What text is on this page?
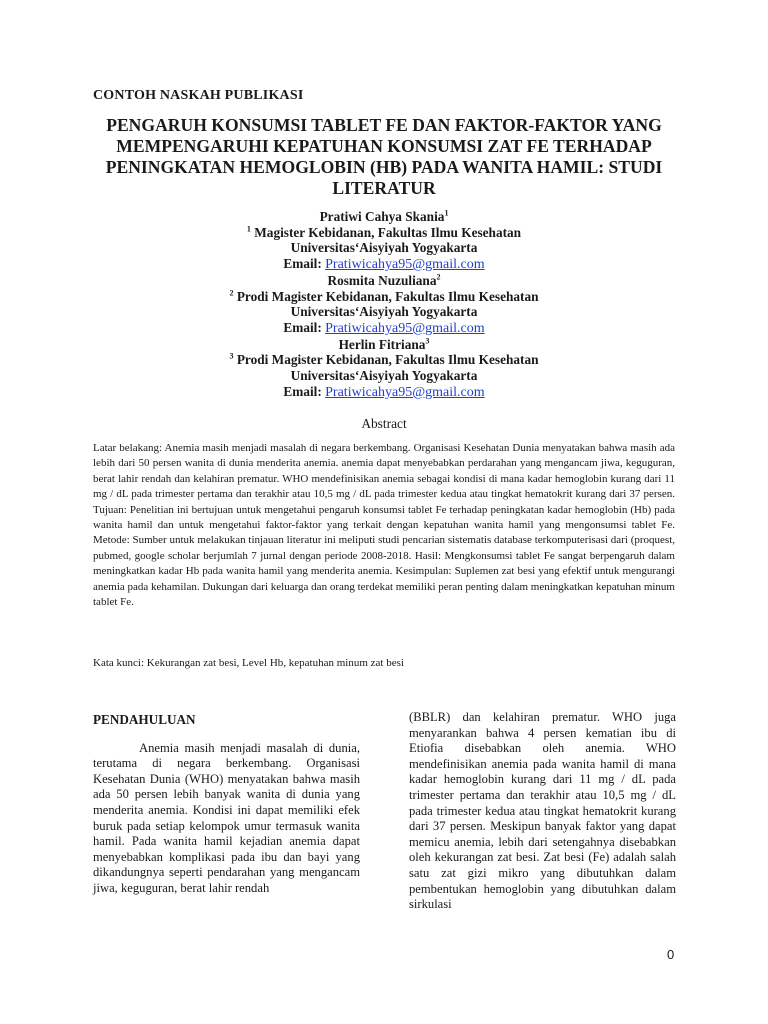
CONTOH NASKAH PUBLIKASI
PENGARUH KONSUMSI TABLET FE DAN FAKTOR-FAKTOR YANG MEMPENGARUHI KEPATUHAN KONSUMSI ZAT FE TERHADAP PENINGKATAN HEMOGLOBIN (HB) PADA WANITA HAMIL: STUDI LITERATUR
Pratiwi Cahya Skania$^1$
$^1$ Magister Kebidanan, Fakultas Ilmu Kesehatan
Universitas‘Aisyiyah Yogyakarta
Email: Pratiwicahya95@gmail.com
Rosmita Nuzuliana$^2$
$^2$ Prodi Magister Kebidanan, Fakultas Ilmu Kesehatan
Universitas‘Aisyiyah Yogyakarta
Email: Pratiwicahya95@gmail.com
Herlin Fitriana$^3$
$^3$ Prodi Magister Kebidanan, Fakultas Ilmu Kesehatan
Universitas‘Aisyiyah Yogyakarta
Email: Pratiwicahya95@gmail.com
Abstract

Latar belakang: Anemia masih menjadi masalah di negara berkembang. Organisasi Kesehatan Dunia menyatakan bahwa masih ada lebih dari 50 persen wanita di dunia menderita anemia. anemia dapat menyebabkan perdarahan yang mengancam jiwa, keguguran, berat lahir rendah dan kelahiran prematur. WHO mendefinisikan anemia sebagai kondisi di mana kadar hemoglobin kurang dari 11 mg / dL pada trimester pertama dan terakhir atau 10,5 mg / dL pada trimester kedua atau tingkat hematokrit kurang dari 37 persen. Tujuan: Penelitian ini bertujuan untuk mengetahui pengaruh konsumsi tablet Fe terhadap peningkatan kadar hemoglobin (Hb) pada wanita hamil dan untuk mengetahui faktor-faktor yang terkait dengan kepatuhan wanita hamil yang mengonsumsi tablet Fe. Metode: Sumber untuk melakukan tinjauan literatur ini meliputi studi pencarian sistematis database terkomputerisasi dari (proquest, pubmed, google scholar berjumlah 7 jurnal dengan periode 2008-2018. Hasil: Mengkonsumsi tablet Fe sangat berpengaruh dalam meningkatkan kadar Hb pada wanita hamil yang menderita anemia. Kesimpulan: Suplemen zat besi yang efektif untuk mengurangi anemia pada kehamilan. Dukungan dari keluarga dan orang terdekat memiliki peran penting dalam meningkatkan kepatuhan minum tablet Fe.

Kata kunci: Kekurangan zat besi, Level Hb, kepatuhan minum zat besi
PENDAHULUAN

Anemia masih menjadi masalah di dunia, terutama di negara berkembang. Organisasi Kesehatan Dunia (WHO) menyatakan bahwa masih ada 50 persen lebih banyak wanita di dunia yang menderita anemia. Kondisi ini dapat memiliki efek buruk pada setiap kelompok umur termasuk wanita hamil. Pada wanita hamil kejadian anemia dapat menyebabkan komplikasi pada ibu dan bayi yang dikandungnya seperti pendarahan yang mengancam jiwa, keguguran, berat lahir rendah

(BBLR) dan kelahiran prematur. WHO juga menyarankan bahwa 4 persen kematian ibu di Etiofia disebabkan oleh anemia. WHO mendefinisikan anemia pada wanita hamil di mana kadar hemoglobin kurang dari 11 mg / dL pada trimester pertama dan terakhir atau 10,5 mg / dL pada trimester kedua atau tingkat hematokrit kurang dari 37 persen. Meskipun banyak faktor yang dapat memicu anemia, lebih dari setengahnya disebabkan oleh kekurangan zat besi. Zat besi (Fe) adalah salah satu zat gizi mikro yang dibutuhkan dalam pembentukan hemoglobin yang dibutuhkan dalam sirkulasi

0
